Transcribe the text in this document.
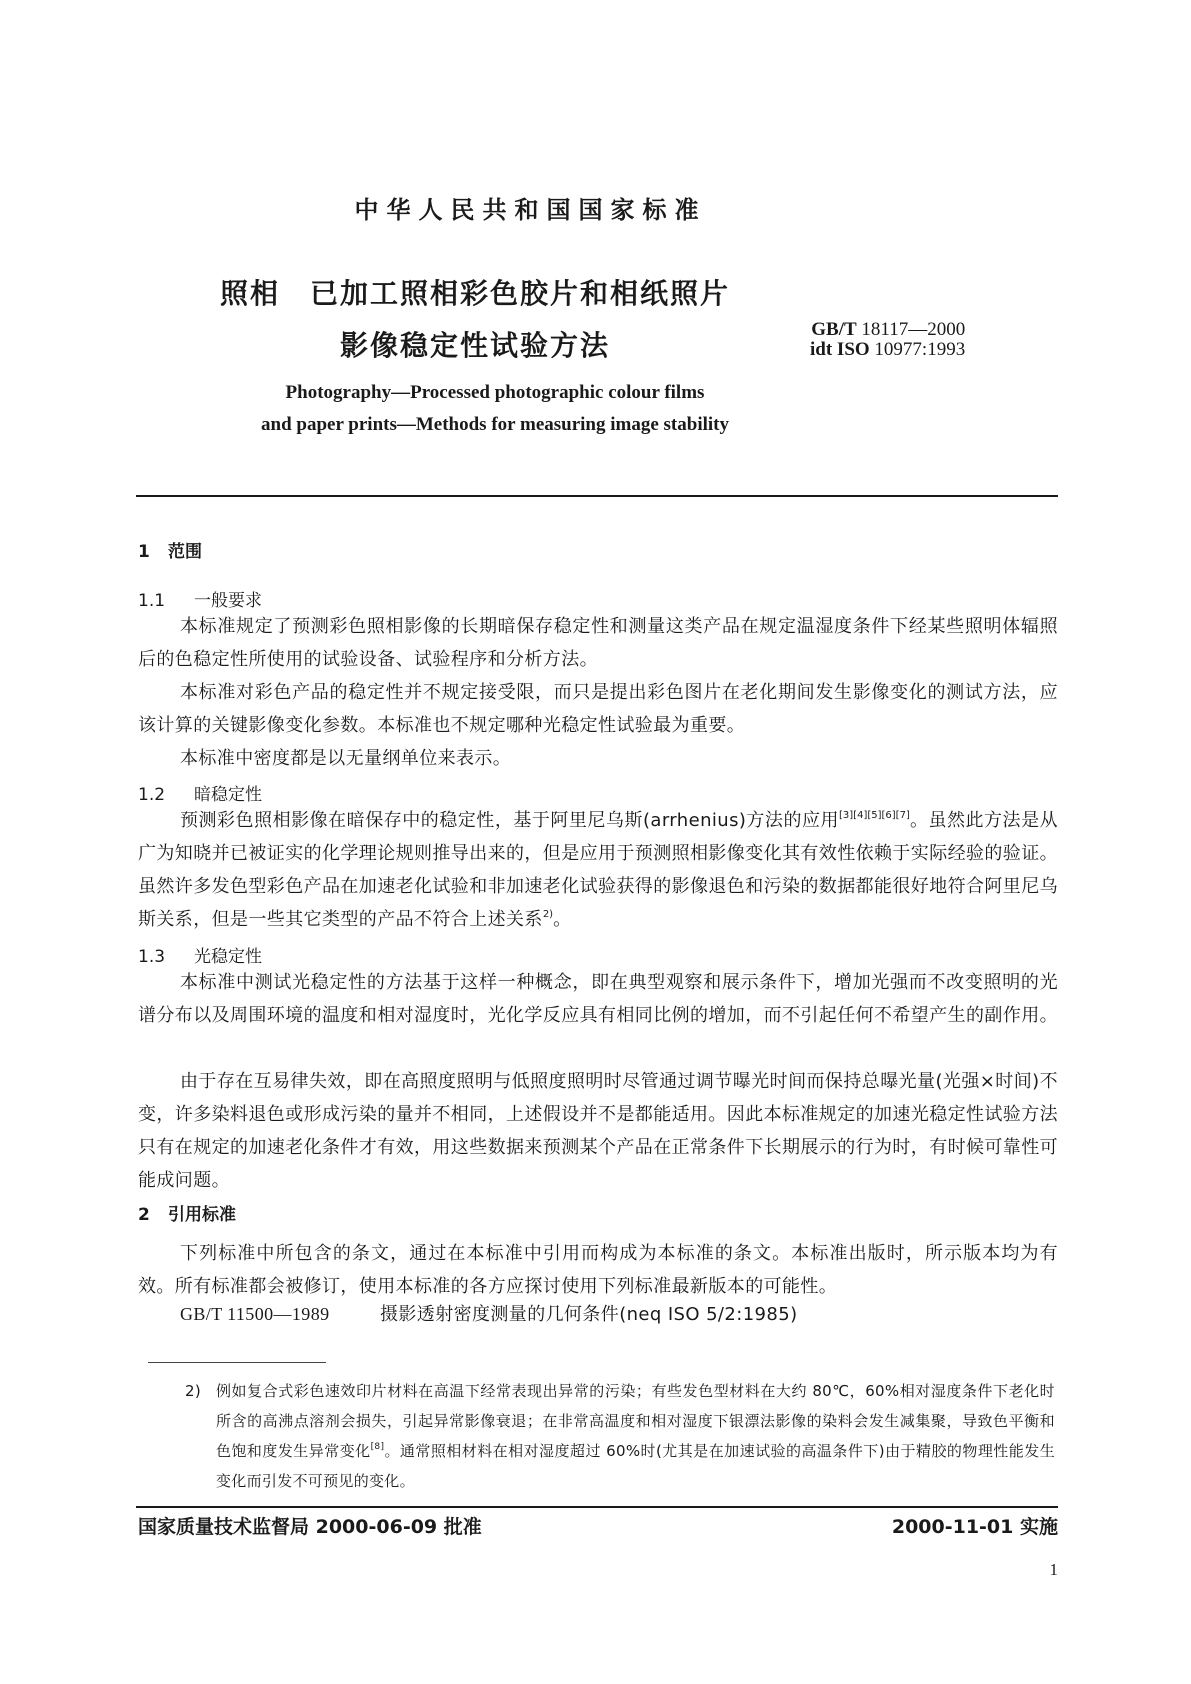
中华人民共和国国家标准
照相　已加工照相彩色胶片和相纸照片
影像稳定性试验方法	GB/T 18117—2000
idt ISO 10977:1993
Photography—Processed photographic colour films
and paper prints—Methods for measuring image stability
1 范围
1.1 一般要求
本标准规定了预测彩色照相影像的长期暗保存稳定性和测量这类产品在规定温湿度条件下经某些照明体辐照后的色稳定性所使用的试验设备、试验程序和分析方法。
本标准对彩色产品的稳定性并不规定接受限，而只是提出彩色图片在老化期间发生影像变化的测试方法，应该计算的关键影像变化参数。本标准也不规定哪种光稳定性试验最为重要。
本标准中密度都是以无量纲单位来表示。
1.2 暗稳定性
预测彩色照相影像在暗保存中的稳定性，基于阿里尼乌斯(arrhenius)方法的应用[3][4][5][6][7]。虽然此方法是从广为知晓并已被证实的化学理论规则推导出来的，但是应用于预测照相影像变化其有效性依赖于实际经验的验证。虽然许多发色型彩色产品在加速老化试验和非加速老化试验获得的影像退色和污染的数据都能很好地符合阿里尼乌斯关系，但是一些其它类型的产品不符合上述关系$^{2)}$。
1.3 光稳定性
本标准中测试光稳定性的方法基于这样一种概念，即在典型观察和展示条件下，增加光强而不改变照明的光谱分布以及周围环境的温度和相对湿度时，光化学反应具有相同比例的增加，而不引起任何不希望产生的副作用。
由于存在互易律失效，即在高照度照明与低照度照明时尽管通过调节曝光时间而保持总曝光量(光强×时间)不变，许多染料退色或形成污染的量并不相同，上述假设并不是都能适用。因此本标准规定的加速光稳定性试验方法只有在规定的加速老化条件才有效，用这些数据来预测某个产品在正常条件下长期展示的行为时，有时候可靠性可能成问题。
2 引用标准
下列标准中所包含的条文，通过在本标准中引用而构成为本标准的条文。本标准出版时，所示版本均为有效。所有标准都会被修订，使用本标准的各方应探讨使用下列标准最新版本的可能性。
GB/T 11500—1989	摄影透射密度测量的几何条件(neq ISO 5/2:1985)
2) 例如复合式彩色速效印片材料在高温下经常表现出异常的污染；有些发色型材料在大约 80℃，60%相对湿度条件下老化时所含的高沸点溶剂会损失，引起异常影像衰退；在非常高温度和相对湿度下银漂法影像的染料会发生减集聚，导致色平衡和色饱和度发生异常变化[8]。通常照相材料在相对湿度超过 60%时(尤其是在加速试验的高温条件下)由于精胶的物理性能发生变化而引发不可预见的变化。
国家质量技术监督局 2000-06-09 批准	2000-11-01 实施
1
